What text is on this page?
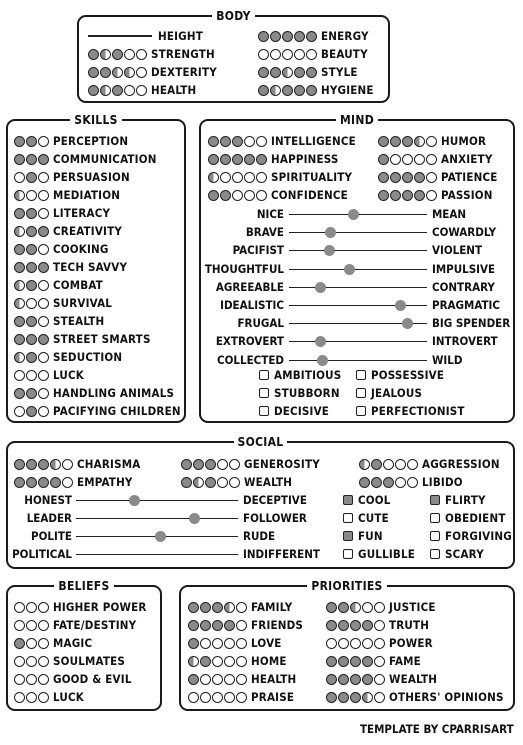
BODY
SKILLS	MIND
SOCIAL
BELIEFS	PRIORITIES
TEMPLATE BY CPARRISART
HEIGHT
STRENGTH
DEXTERITY
HEALTH
ENERGY
BEAUTY
STYLE
HYGIENE
PERCEPTION
COMMUNICATION
PERSUASION
MEDIATION
LITERACY
CREATIVITY
COOKING
TECH SAVVY
COMBAT
SURVIVAL
STEALTH
STREET SMARTS
SEDUCTION
LUCK
HANDLING ANIMALS
PACIFYING CHILDREN
INTELLIGENCE
HAPPINESS
SPIRITUALITY
CONFIDENCE
HUMOR
ANXIETY
PATIENCE
PASSION
NICE	MEAN
BRAVE	COWARDLY
PACIFIST	VIOLENT
THOUGHTFUL	IMPULSIVE
AGREEABLE	CONTRARY
IDEALISTIC	PRAGMATIC
FRUGAL	BIG SPENDER
EXTROVERT	INTROVERT
COLLECTED	WILD
AMBITIOUS	POSSESSIVE
STUBBORN	JEALOUS
DECISIVE	PERFECTIONIST
CHARISMA
EMPATHY
GENEROSITY
WEALTH
AGGRESSION
LIBIDO
HONEST	DECEPTIVE
LEADER	FOLLOWER
POLITE	RUDE
POLITICAL	INDIFFERENT
COOL	FLIRTY
CUTE	OBEDIENT
FUN	FORGIVING
GULLIBLE	SCARY
HIGHER POWER
FATE/DESTINY
MAGIC
SOULMATES
GOOD & EVIL
LUCK
FAMILY
FRIENDS
LOVE
HOME
HEALTH
PRAISE
JUSTICE
TRUTH
POWER
FAME
WEALTH
OTHERS' OPINIONS
